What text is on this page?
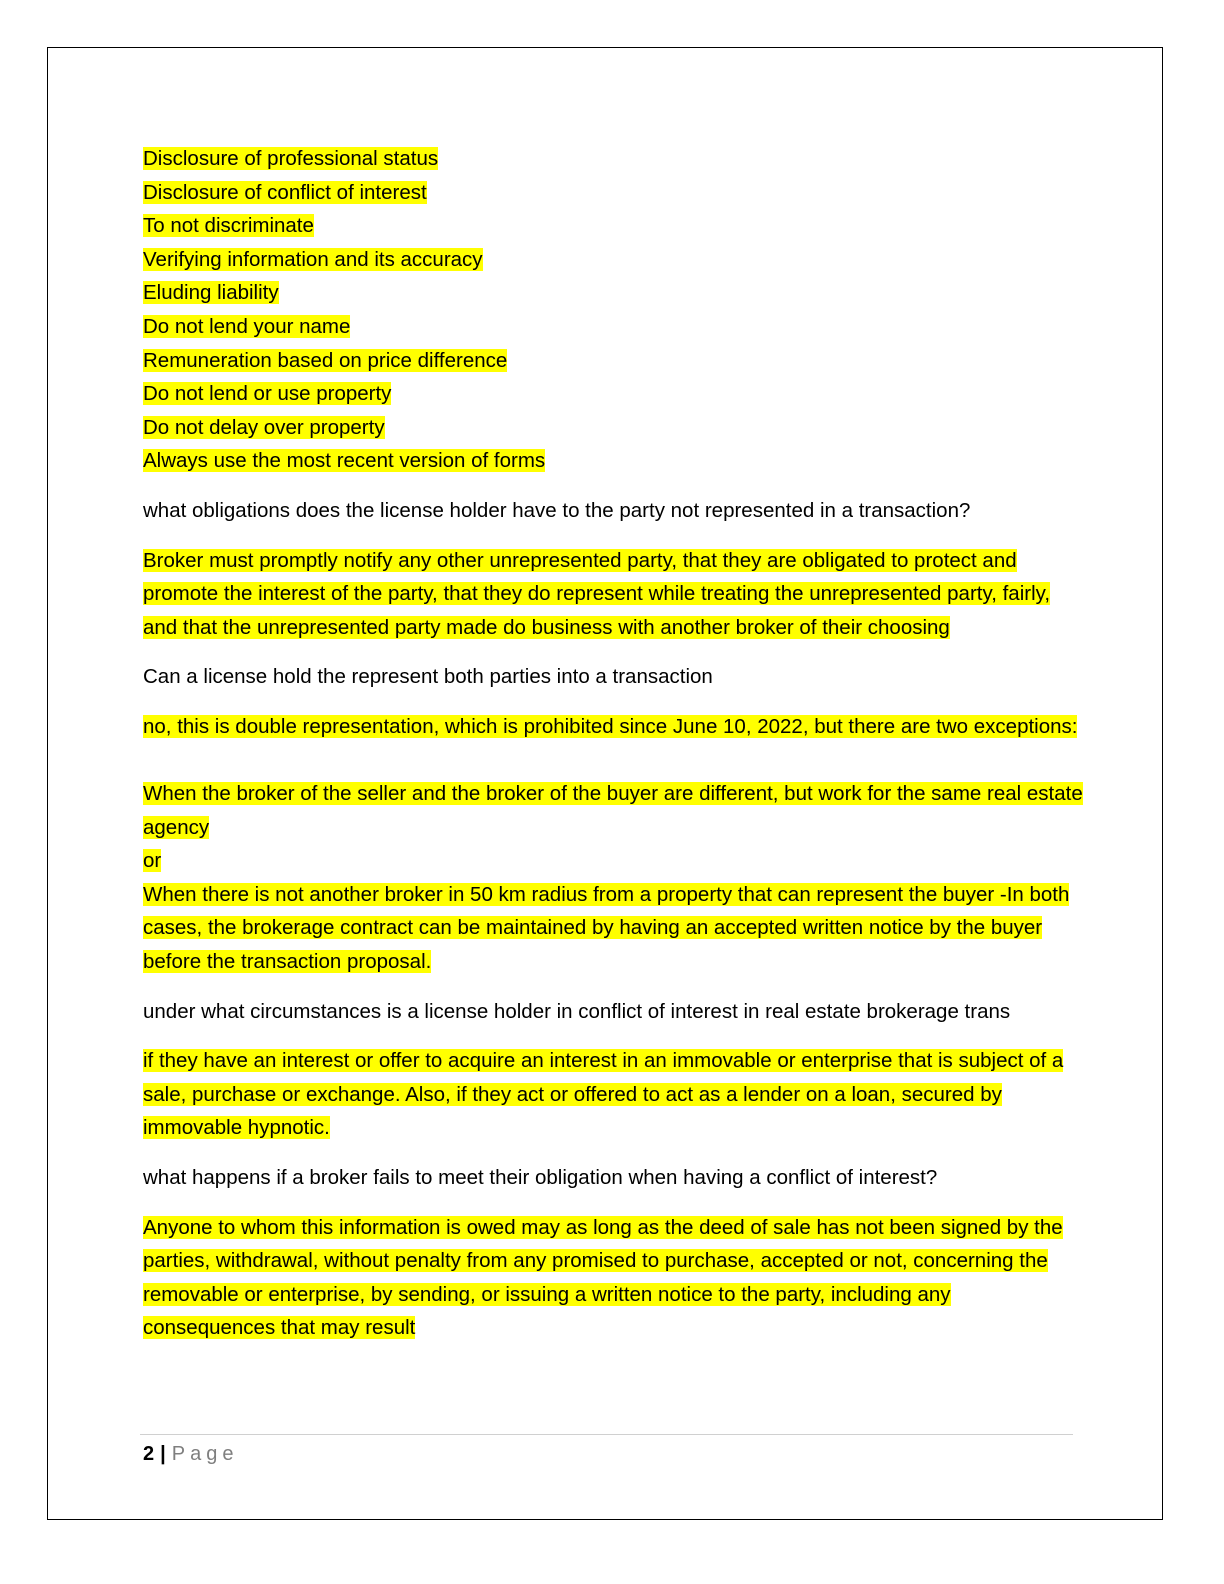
Disclosure of professional status
Disclosure of conflict of interest
To not discriminate
Verifying information and its accuracy
Eluding liability
Do not lend your name
Remuneration based on price difference
Do not lend or use property
Do not delay over property
Always use the most recent version of forms

what obligations does the license holder have to the party not represented in a transaction?

Broker must promptly notify any other unrepresented party, that they are obligated to protect and promote the interest of the party, that they do represent while treating the unrepresented party, fairly, and that the unrepresented party made do business with another broker of their choosing

Can a license hold the represent both parties into a transaction

no, this is double representation, which is prohibited since June 10, 2022, but there are two exceptions:

When the broker of the seller and the broker of the buyer are different, but work for the same real estate agency

or

When there is not another broker in 50 km radius from a property that can represent the buyer -In both cases, the brokerage contract can be maintained by having an accepted written notice by the buyer before the transaction proposal.

under what circumstances is a license holder in conflict of interest in real estate brokerage trans

if they have an interest or offer to acquire an interest in an immovable or enterprise that is subject of a sale, purchase or exchange. Also, if they act or offered to act as a lender on a loan, secured by immovable hypnotic.

what happens if a broker fails to meet their obligation when having a conflict of interest?

Anyone to whom this information is owed may as long as the deed of sale has not been signed by the parties, withdrawal, without penalty from any promised to purchase, accepted or not, concerning the removable or enterprise, by sending, or issuing a written notice to the party, including any consequences that may result

2 | Page
